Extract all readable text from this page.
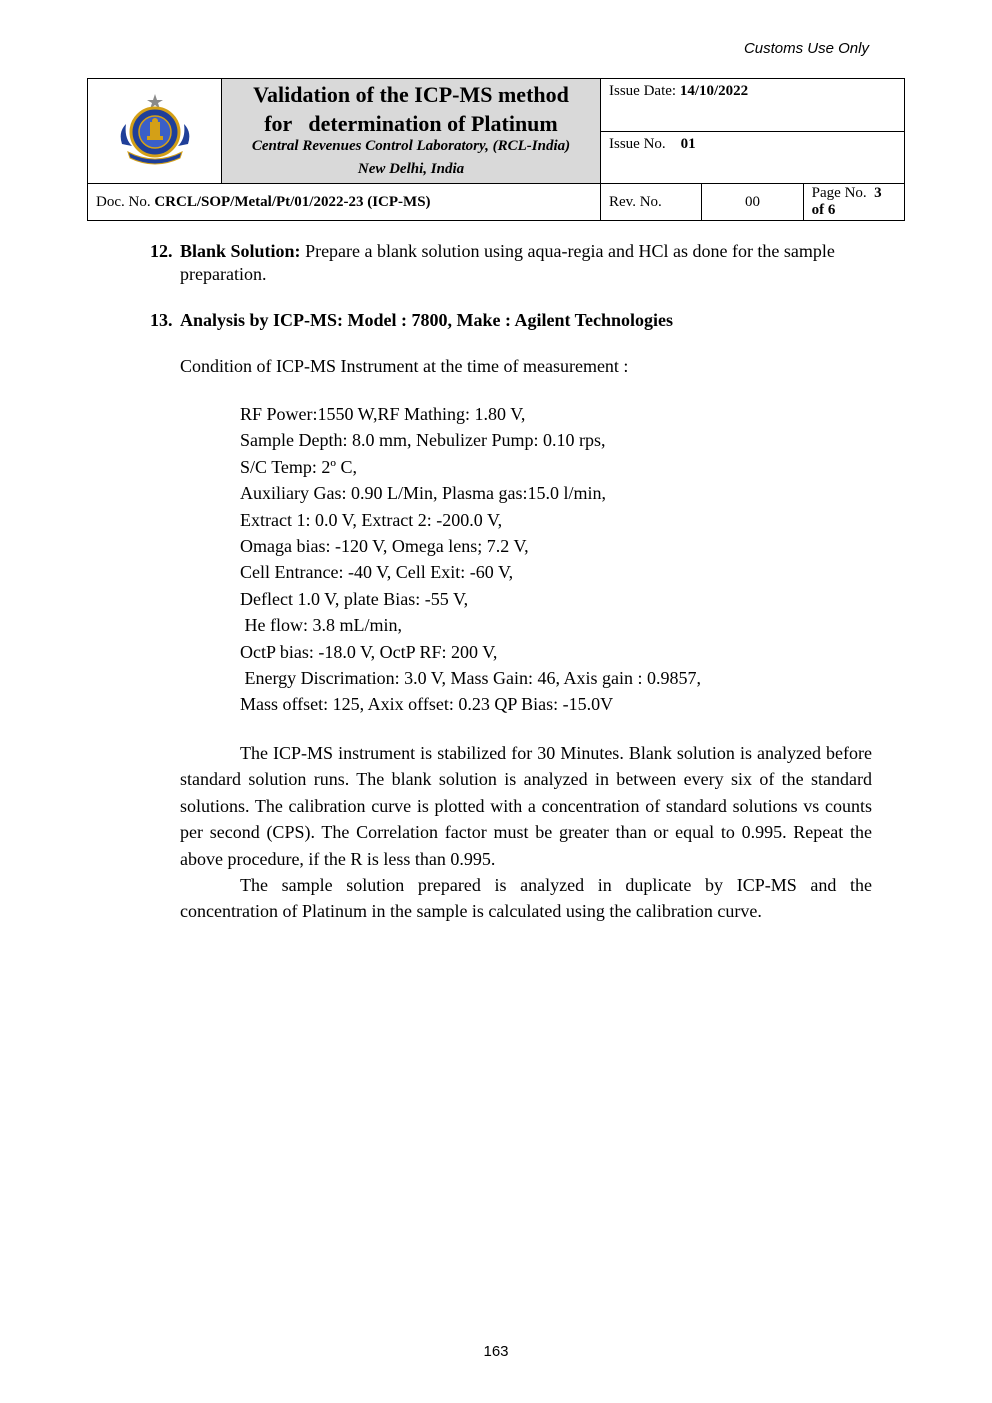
Customs Use Only

Validation of the ICP-MS method
for   determination of Platinum
Central Revenues Control Laboratory, (RCL-India)
New Delhi, India	Issue Date: 14/10/2022		
		Issue No. 01		
Doc. No. CRCL/SOP/Metal/Pt/01/2022-23 (ICP-MS)		Rev. No.	00	Page No. 3 of 6
12. Blank Solution: Prepare a blank solution using aqua-regia and HCl as done for the sample preparation.
13. Analysis by ICP-MS: Model : 7800, Make : Agilent Technologies
Condition of ICP-MS Instrument at the time of measurement :
RF Power:1550 W,RF Mathing: 1.80 V,
Sample Depth: 8.0 mm, Nebulizer Pump: 0.10 rps,
S/C Temp: 2º C,
Auxiliary Gas: 0.90 L/Min, Plasma gas:15.0 l/min,
Extract 1: 0.0 V, Extract 2: -200.0 V,
Omaga bias: -120 V, Omega lens; 7.2 V,
Cell Entrance: -40 V, Cell Exit: -60 V,
Deflect 1.0 V, plate Bias: -55 V,
He flow: 3.8 mL/min,
OctP bias: -18.0 V, OctP RF: 200 V,
Energy Discrimation: 3.0 V, Mass Gain: 46, Axis gain : 0.9857,
Mass offset: 125, Axix offset: 0.23 QP Bias: -15.0V
The ICP-MS instrument is stabilized for 30 Minutes. Blank solution is analyzed before standard solution runs. The blank solution is analyzed in between every six of the standard solutions. The calibration curve is plotted with a concentration of standard solutions vs counts per second (CPS). The Correlation factor must be greater than or equal to 0.995. Repeat the above procedure, if the R is less than 0.995.
The sample solution prepared is analyzed in duplicate by ICP-MS and the concentration of Platinum in the sample is calculated using the calibration curve.
163
